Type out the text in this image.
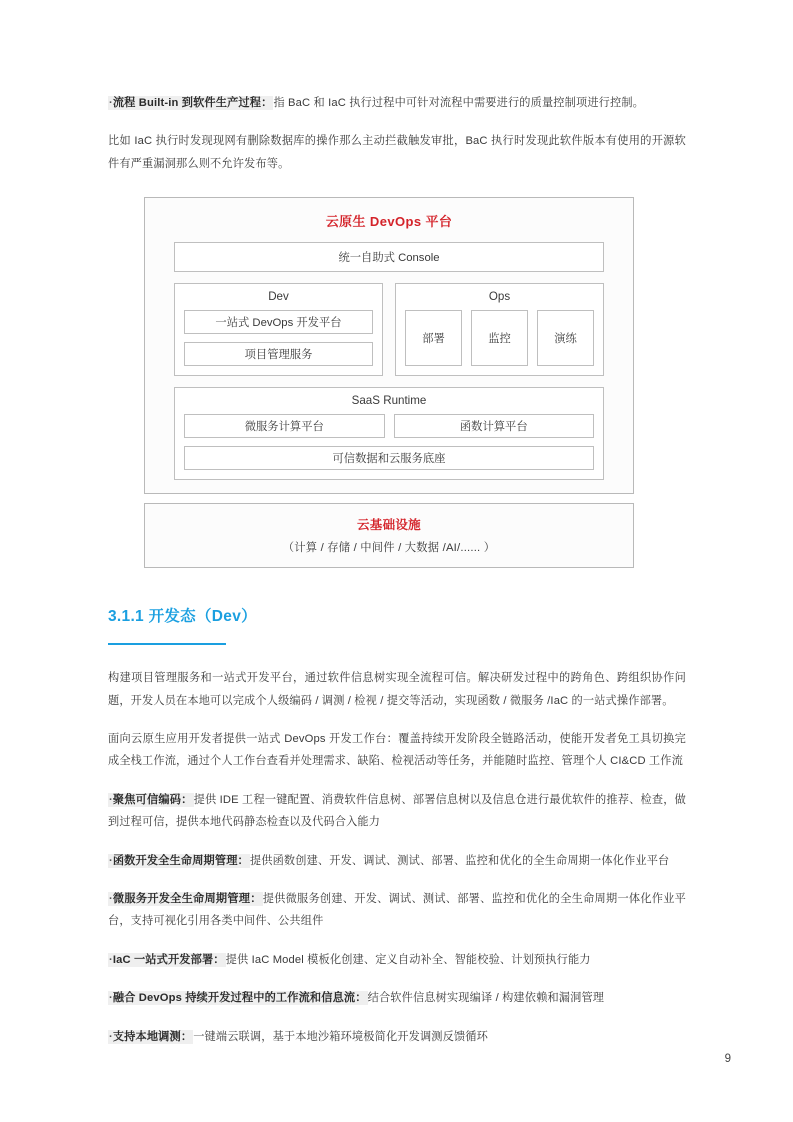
·流程 Built-in 到软件生产过程：指 BaC 和 IaC 执行过程中可针对流程中需要进行的质量控制项进行控制。

比如 IaC 执行时发现现网有删除数据库的操作那么主动拦截触发审批，BaC 执行时发现此软件版本有使用的开源软件有严重漏洞那么则不允许发布等。

云原生 DevOps 平台
统一自助式 Console
Dev
一站式 DevOps 开发平台
项目管理服务
Ops
部署	监控	演练
SaaS Runtime
微服务计算平台	函数计算平台
可信数据和云服务底座
云基础设施
（计算 / 存储 / 中间件 / 大数据 /AI/...... ）
3.1.1 开发态（Dev）

构建项目管理服务和一站式开发平台，通过软件信息树实现全流程可信。解决研发过程中的跨角色、跨组织协作问题，开发人员在本地可以完成个人级编码 / 调测 / 检视 / 提交等活动，实现函数 / 微服务 /IaC 的一站式操作部署。

面向云原生应用开发者提供一站式 DevOps 开发工作台：覆盖持续开发阶段全链路活动，使能开发者免工具切换完成全栈工作流，通过个人工作台查看并处理需求、缺陷、检视活动等任务，并能随时监控、管理个人 CI&CD 工作流

·聚焦可信编码：提供 IDE 工程一键配置、消费软件信息树、部署信息树以及信息仓进行最优软件的推荐、检查，做到过程可信，提供本地代码静态检查以及代码合入能力

·函数开发全生命周期管理：提供函数创建、开发、调试、测试、部署、监控和优化的全生命周期一体化作业平台

·微服务开发全生命周期管理：提供微服务创建、开发、调试、测试、部署、监控和优化的全生命周期一体化作业平台，支持可视化引用各类中间件、公共组件

·IaC 一站式开发部署：提供 IaC Model 模板化创建、定义自动补全、智能校验、计划预执行能力

·融合 DevOps 持续开发过程中的工作流和信息流：结合软件信息树实现编译 / 构建依赖和漏洞管理

·支持本地调测：一键端云联调，基于本地沙箱环境极简化开发调测反馈循环

9
